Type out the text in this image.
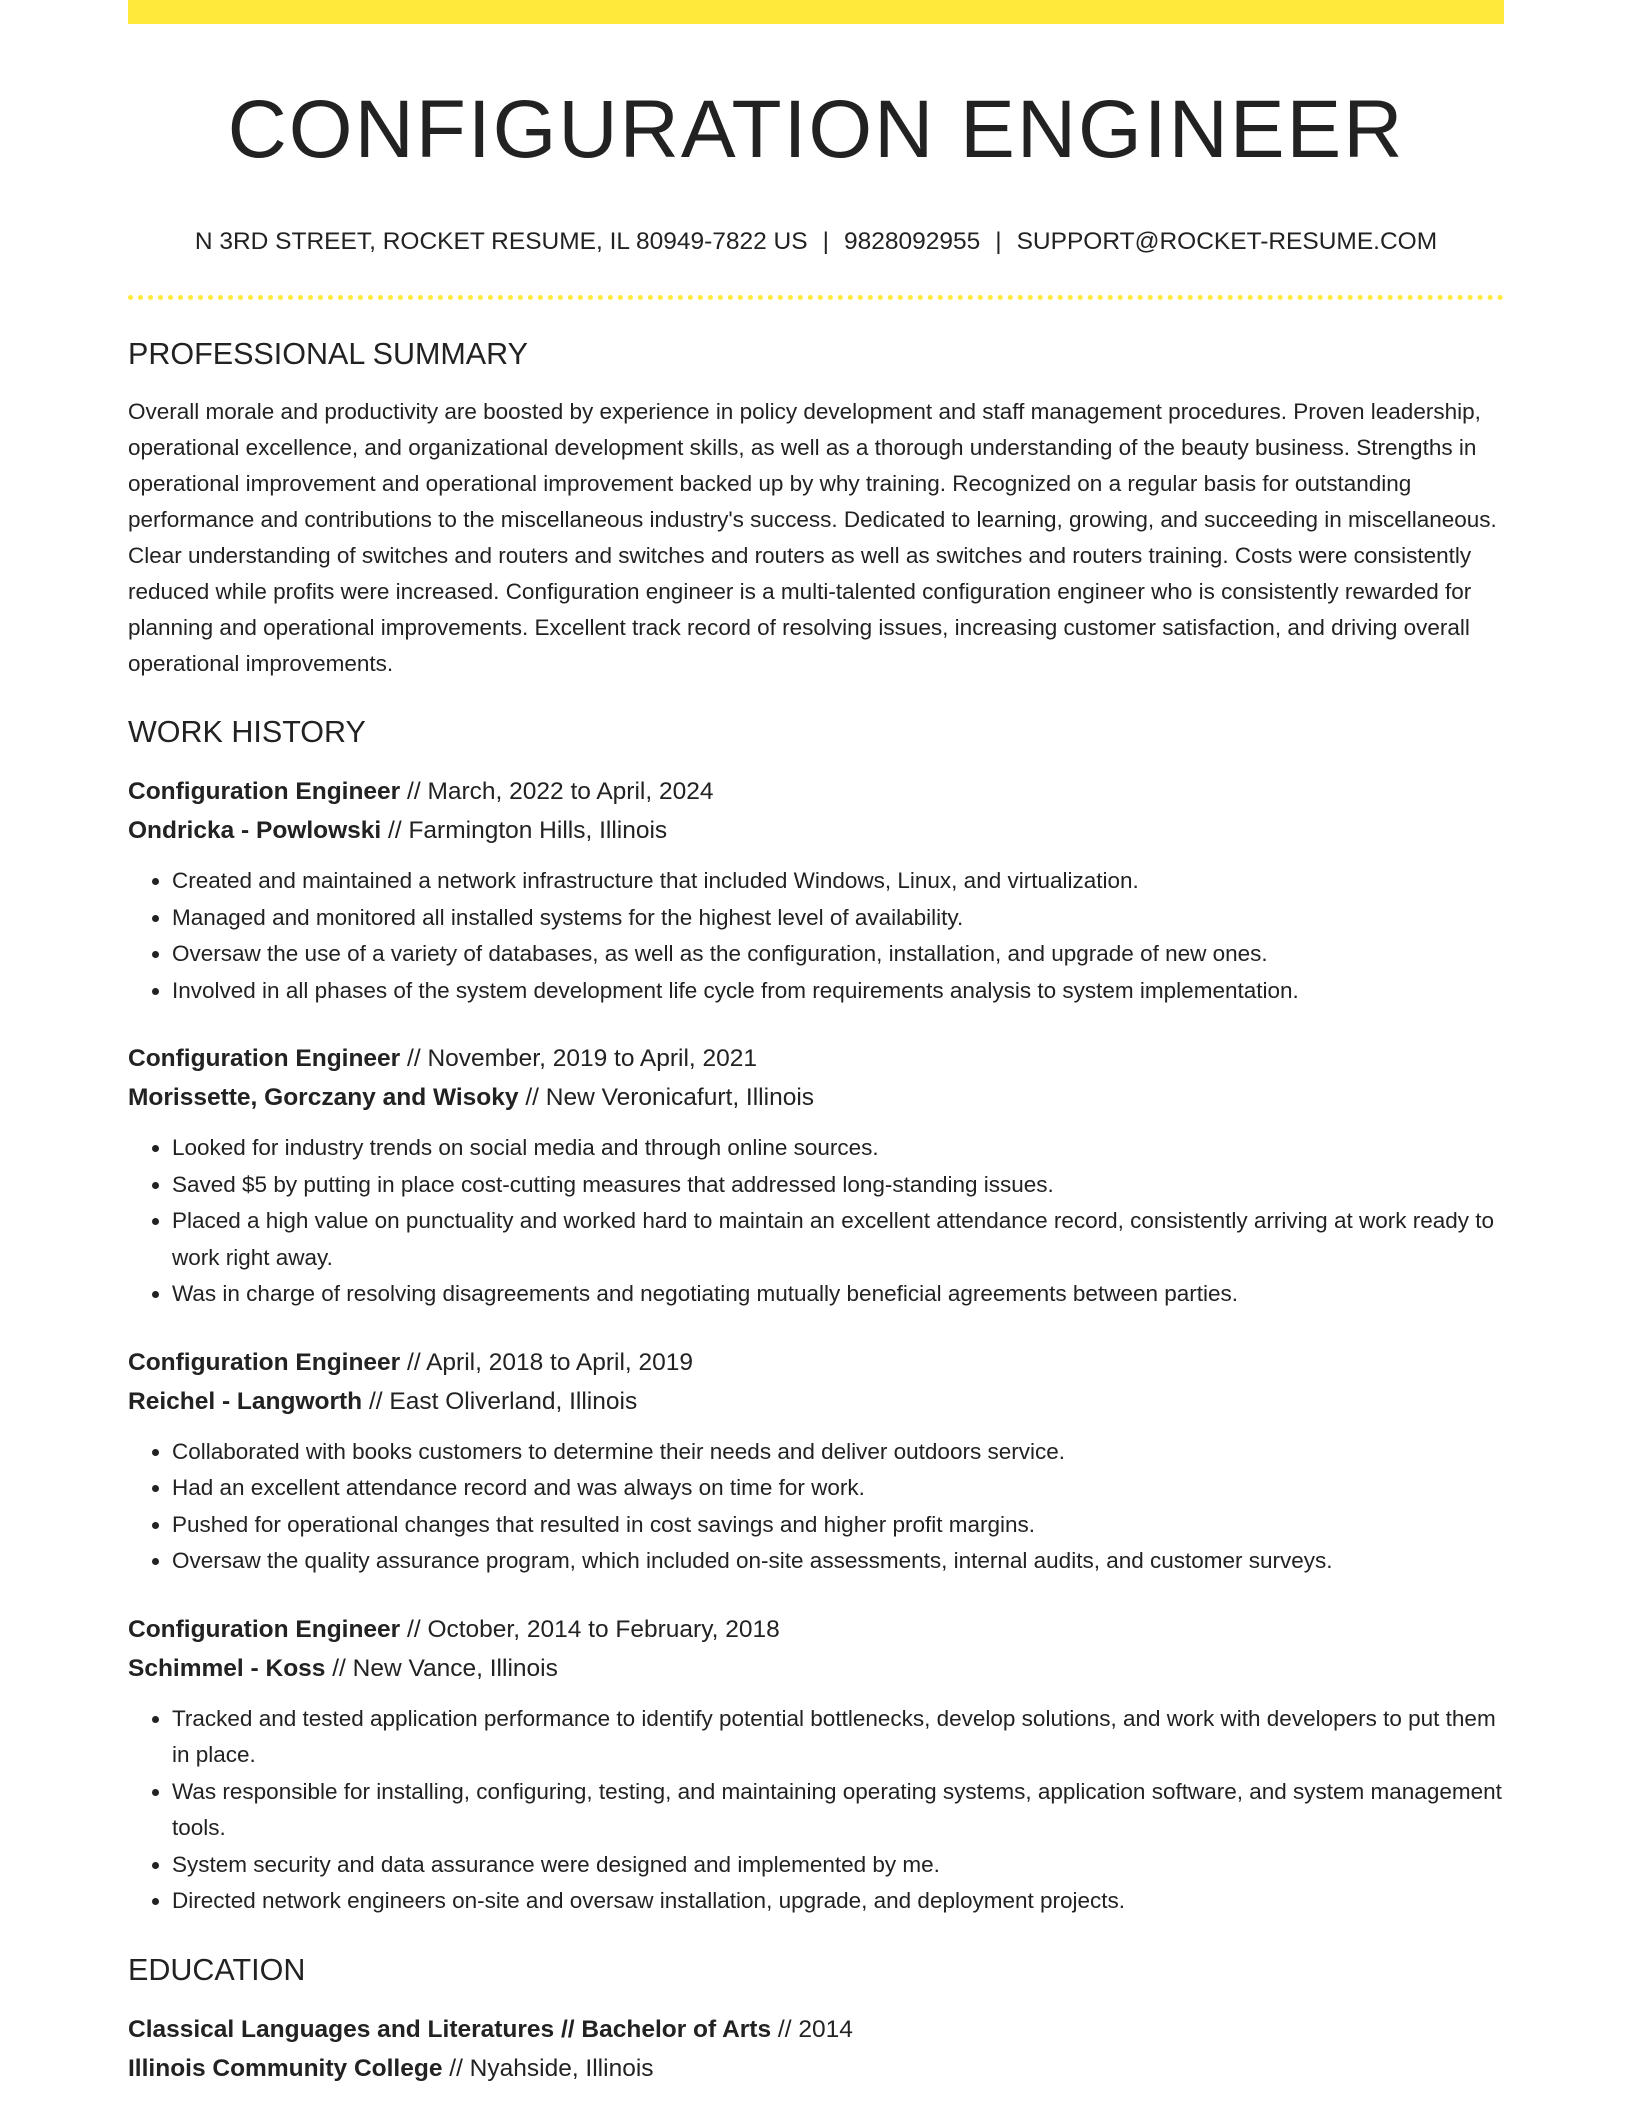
CONFIGURATION ENGINEER
N 3RD STREET, ROCKET RESUME, IL 80949-7822 US | 9828092955 | SUPPORT@ROCKET-RESUME.COM
PROFESSIONAL SUMMARY
Overall morale and productivity are boosted by experience in policy development and staff management procedures. Proven leadership, operational excellence, and organizational development skills, as well as a thorough understanding of the beauty business. Strengths in operational improvement and operational improvement backed up by why training. Recognized on a regular basis for outstanding performance and contributions to the miscellaneous industry's success. Dedicated to learning, growing, and succeeding in miscellaneous. Clear understanding of switches and routers and switches and routers as well as switches and routers training. Costs were consistently reduced while profits were increased. Configuration engineer is a multi-talented configuration engineer who is consistently rewarded for planning and operational improvements. Excellent track record of resolving issues, increasing customer satisfaction, and driving overall operational improvements.
WORK HISTORY
Configuration Engineer // March, 2022 to April, 2024
Ondricka - Powlowski // Farmington Hills, Illinois
• Created and maintained a network infrastructure that included Windows, Linux, and virtualization.
• Managed and monitored all installed systems for the highest level of availability.
• Oversaw the use of a variety of databases, as well as the configuration, installation, and upgrade of new ones.
• Involved in all phases of the system development life cycle from requirements analysis to system implementation.
Configuration Engineer // November, 2019 to April, 2021
Morissette, Gorczany and Wisoky // New Veronicafurt, Illinois
• Looked for industry trends on social media and through online sources.
• Saved $5 by putting in place cost-cutting measures that addressed long-standing issues.
• Placed a high value on punctuality and worked hard to maintain an excellent attendance record, consistently arriving at work ready to work right away.
• Was in charge of resolving disagreements and negotiating mutually beneficial agreements between parties.
Configuration Engineer // April, 2018 to April, 2019
Reichel - Langworth // East Oliverland, Illinois
• Collaborated with books customers to determine their needs and deliver outdoors service.
• Had an excellent attendance record and was always on time for work.
• Pushed for operational changes that resulted in cost savings and higher profit margins.
• Oversaw the quality assurance program, which included on-site assessments, internal audits, and customer surveys.
Configuration Engineer // October, 2014 to February, 2018
Schimmel - Koss // New Vance, Illinois
• Tracked and tested application performance to identify potential bottlenecks, develop solutions, and work with developers to put them in place.
• Was responsible for installing, configuring, testing, and maintaining operating systems, application software, and system management tools.
• System security and data assurance were designed and implemented by me.
• Directed network engineers on-site and oversaw installation, upgrade, and deployment projects.
EDUCATION
Classical Languages and Literatures // Bachelor of Arts // 2014
Illinois Community College // Nyahside, Illinois
